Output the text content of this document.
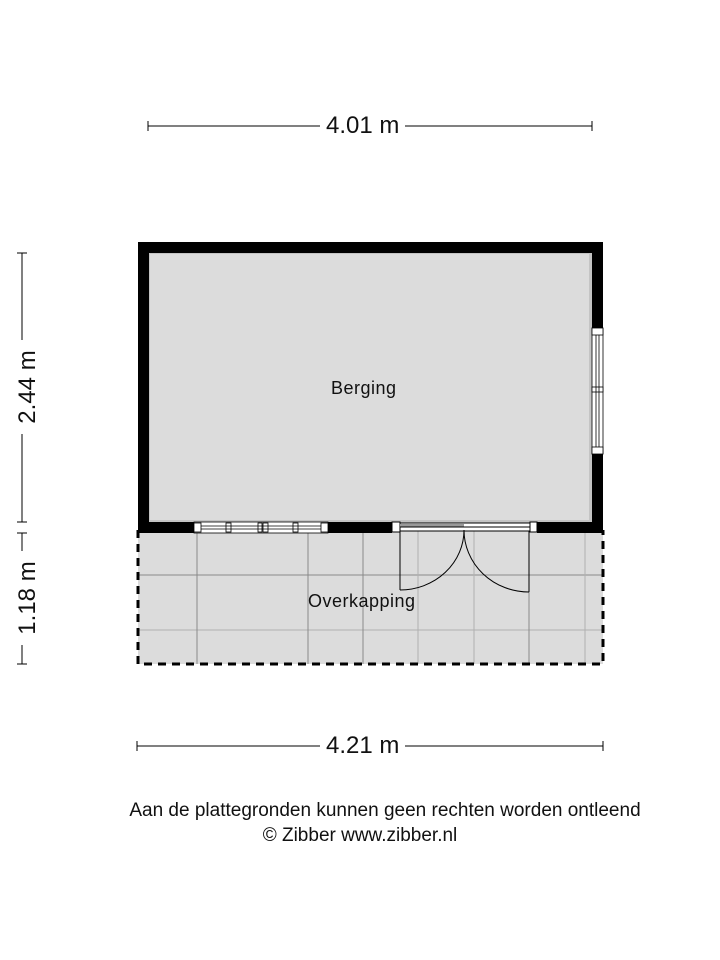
4.01 m
4.21 m
2.44 m
1.18 m
Berging
Overkapping
Aan de plattegronden kunnen geen rechten worden ontleend
© Zibber www.zibber.nl
